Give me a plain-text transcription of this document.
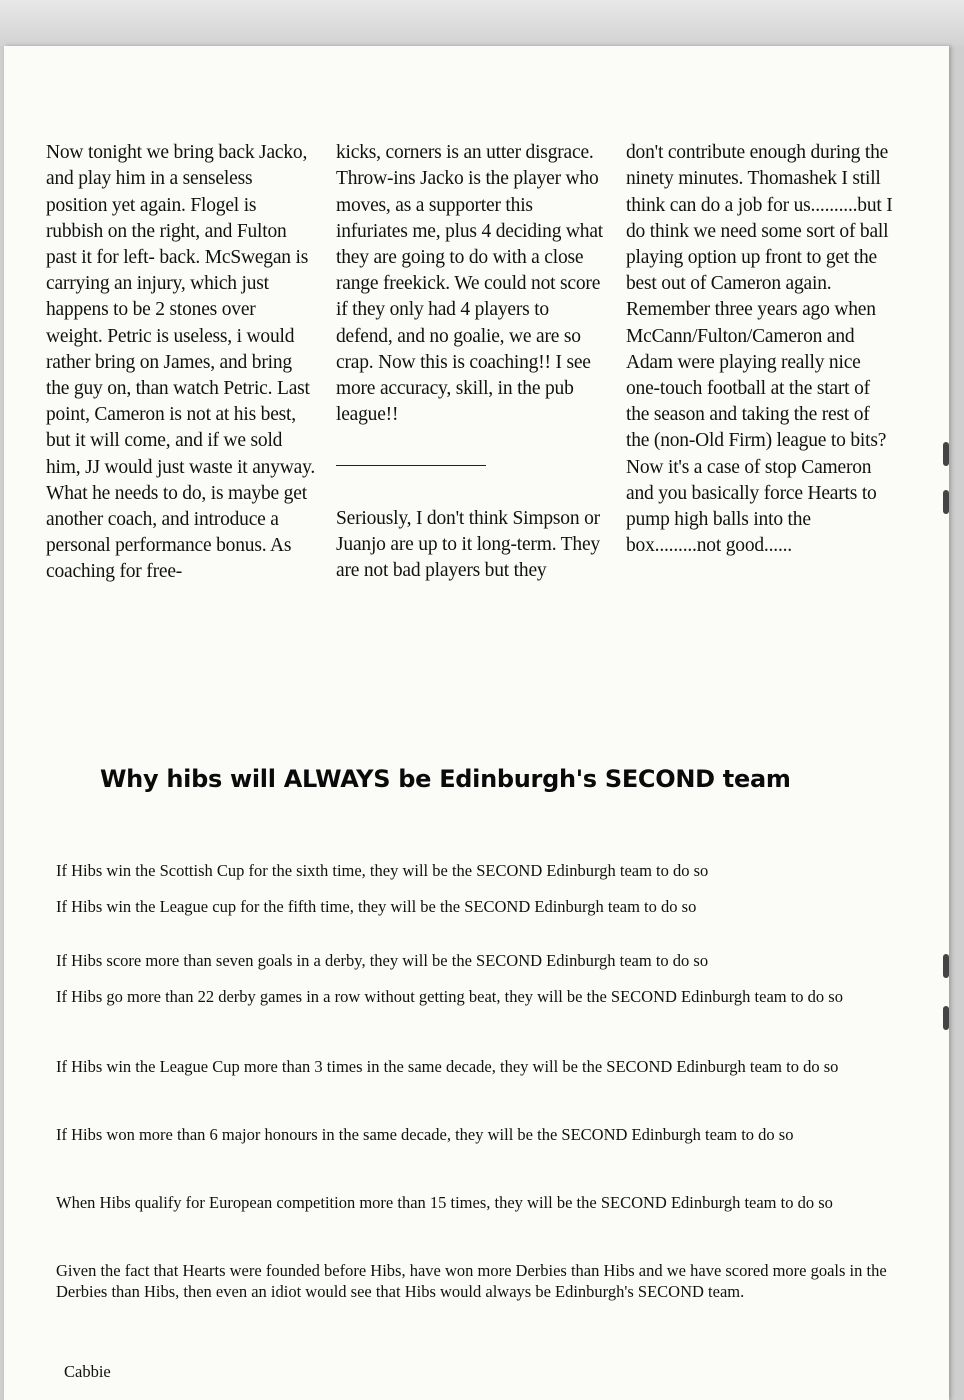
Now tonight we bring back Jacko, and play him in a senseless position yet again. Flogel is rubbish on the right, and Fulton past it for left- back. McSwegan is carrying an injury, which just happens to be 2 stones over weight. Petric is useless, i would rather bring on James, and bring the guy on, than watch Petric. Last point, Cameron is not at his best, but it will come, and if we sold him, JJ would just waste it anyway. What he needs to do, is maybe get another coach, and introduce a personal performance bonus. As coaching for free-

kicks, corners is an utter disgrace. Throw-ins Jacko is the player who moves, as a supporter this infuriates me, plus 4 deciding what they are going to do with a close range freekick. We could not score if they only had 4 players to defend, and no goalie, we are so crap. Now this is coaching!! I see more accuracy, skill, in the pub league!!

Seriously, I don't think Simpson or Juanjo are up to it long-term. They are not bad players but they

don't contribute enough during the ninety minutes. Thomashek I still think can do a job for us..........but I do think we need some sort of ball playing option up front to get the best out of Cameron again. Remember three years ago when McCann/Fulton/Cameron and Adam were playing really nice one-touch football at the start of the season and taking the rest of the (non-Old Firm) league to bits? Now it's a case of stop Cameron and you basically force Hearts to pump high balls into the box.........not good......

Why hibs will ALWAYS be Edinburgh's SECOND team

If Hibs win the Scottish Cup for the sixth time, they will be the SECOND Edinburgh team to do so

If Hibs win the League cup for the fifth time, they will be the SECOND Edinburgh team to do so

If Hibs score more than seven goals in a derby, they will be the SECOND Edinburgh team to do so

If Hibs go more than 22 derby games in a row without getting beat, they will be the SECOND Edinburgh team to do so

If Hibs win the League Cup more than 3 times in the same decade, they will be the SECOND Edinburgh team to do so

If Hibs won more than 6 major honours in the same decade, they will be the SECOND Edinburgh team to do so

When Hibs qualify for European competition more than 15 times, they will be the SECOND Edinburgh team to do so

Given the fact that Hearts were founded before Hibs, have won more Derbies than Hibs and we have scored more goals in the Derbies than Hibs, then even an idiot would see that Hibs would always be Edinburgh's SECOND team.

Cabbie
